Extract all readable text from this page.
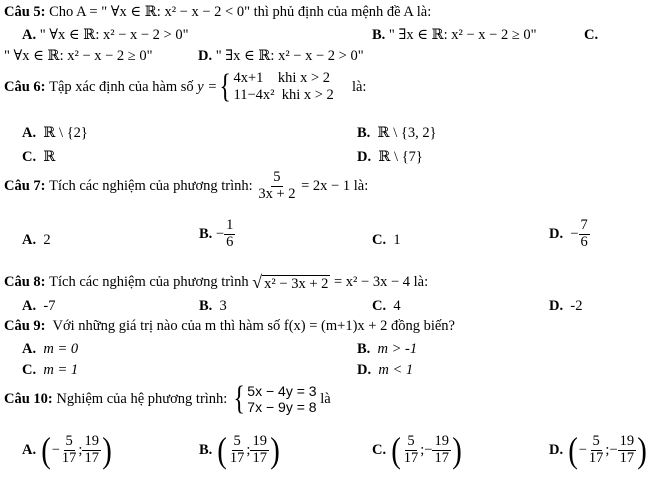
Câu 5: Cho A = " ∀x ∈ ℝ: x² − x − 2 < 0" thì phủ định của mệnh đề A là:
A. " ∀x ∈ ℝ: x² − x − 2 > 0"	B. " ∃x ∈ ℝ: x² − x − 2 ≥ 0"	C.
" ∀x ∈ ℝ: x² − x − 2 ≥ 0"	D. " ∃x ∈ ℝ: x² − x − 2 > 0"
Câu 6:
Tập xác định của hàm số
y = { 4x+1    khi x > 2
11−4x²  khi x > 2

là:
A. ℝ \ {2}	B. ℝ \ {3, 2}
C. ℝ	D. ℝ \ {7}
Câu 7:
Tích các nghiệm của phương trình:
$\frac{5}{3x + 2}$
= 2x − 1 là:
A. 2	B.
− $\frac{1}{6}$	C. 1	D.
− $\frac{7}{6}$
Câu 8:
Tích các nghiệm của phương trình
√ x² − 3x + 2
= x² − 3x − 4 là:
A. -7	B. 3	C. 4	D. -2
Câu 9: Với những giá trị nào của m thì hàm số f(x) = (m+1)x + 2 đồng biến?
A. m = 0	B. m > -1
C. m = 1	D. m < 1
Câu 10:
Nghiệm của hệ phương trình:
{ 5x − 4y = 3
7x − 9y = 8

là
A.
( − $\frac{5}{17}$ ; $\frac{19}{17}$ )	B.
( $\frac{5}{17}$ ; $\frac{19}{17}$ )	C.
( $\frac{5}{17}$ ; − $\frac{19}{17}$ )	D.
( − $\frac{5}{17}$ ; − $\frac{19}{17}$ )
